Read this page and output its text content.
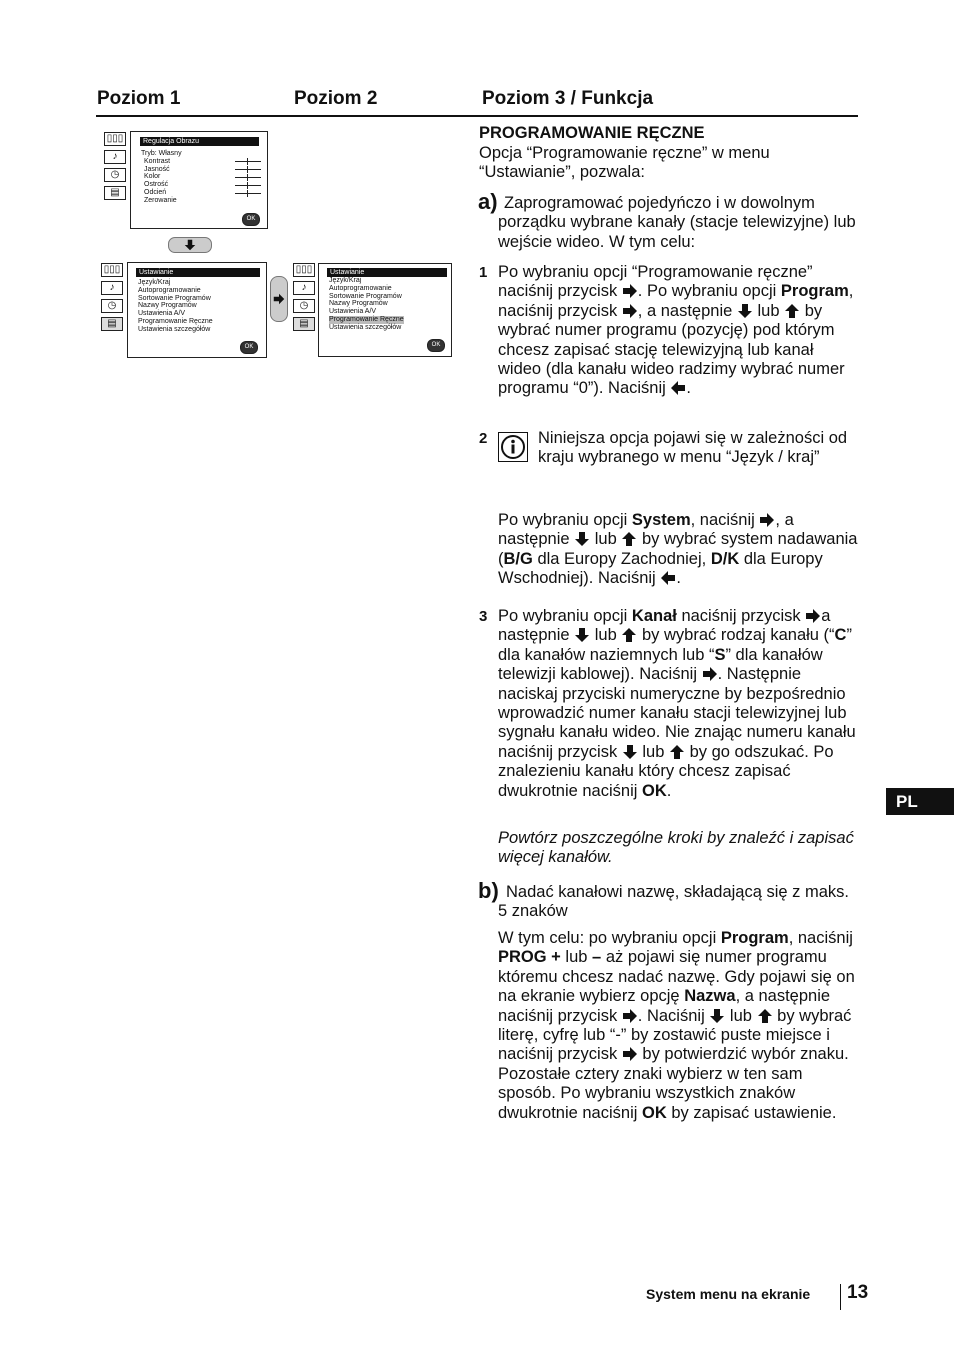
Poziom 1	Poziom 2	Poziom 3 / Funkcja
▯▯▯
♪
◷
▤
Regulacja Obrazu
Tryb: Własny
Kontrast
Jasność
Kolor
Ostrość
Odcień
Zerowanie
OK
▯▯▯
♪
◷
▤
Ustawianie
Język/Kraj
Autoprogramowanie
Sortowanie Programów
Nazwy Programów
Ustawienia A/V
Programowanie Ręczne
Ustawienia szczegółów
OK
▯▯▯
♪
◷
▤
Ustawianie
Język/Kraj
Autoprogramowanie
Sortowanie Programów
Nazwy Programów
Ustawienia A/V
Programowanie Ręczne
Ustawienia szczegółów
OK
PROGRAMOWANIE RĘCZNE
Opcja “Programowanie ręczne” w menu “Ustawianie”, pozwala:
a) Zaprogramować pojedyńczo i w dowolnym porządku wybrane kanały (stacje telewizyjne) lub wejście wideo. W tym celu:
1 Po wybraniu opcji “Programowanie ręczne” naciśnij przycisk . Po wybraniu opcji Program, naciśnij przycisk , a następnie lub by wybrać numer programu (pozycję) pod którym chcesz zapisać stację telewizyjną lub kanał wideo (dla kanału wideo radzimy wybrać numer programu “0”). Naciśnij .
2	Niniejsza opcja pojawi się w zależności od kraju wybranego w menu “Język / kraj”
Po wybraniu opcji System, naciśnij , a następnie lub by wybrać system nadawania (B/G dla Europy Zachodniej, D/K dla Europy Wschodniej). Naciśnij .
3 Po wybraniu opcji Kanał naciśnij przycisk a następnie lub by wybrać rodzaj kanału (“C” dla kanałów naziemnych lub “S” dla kanałów telewizji kablowej). Naciśnij . Następnie naciskaj przyciski numeryczne by bezpośrednio wprowadzić numer kanału stacji telewizyjnej lub sygnału kanału wideo. Nie znając numeru kanału naciśnij przycisk lub by go odszukać. Po znalezieniu kanału który chcesz zapisać dwukrotnie naciśnij OK.
Powtórz poszczególne kroki by znaleźć i zapisać więcej kanałów.
b) Nadać kanałowi nazwę, składającą się z maks. 5 znaków
W tym celu: po wybraniu opcji Program, naciśnij PROG + lub – aż pojawi się numer programu któremu chcesz nadać nazwę. Gdy pojawi się on na ekranie wybierz opcję Nazwa, a następnie naciśnij przycisk . Naciśnij lub by wybrać literę, cyfrę lub “-” by zostawić puste miejsce i naciśnij przycisk by potwierdzić wybór znaku. Pozostałe cztery znaki wybierz w ten sam sposób. Po wybraniu wszystkich znaków dwukrotnie naciśnij OK by zapisać ustawienie.
PL
System menu na ekranie 13
